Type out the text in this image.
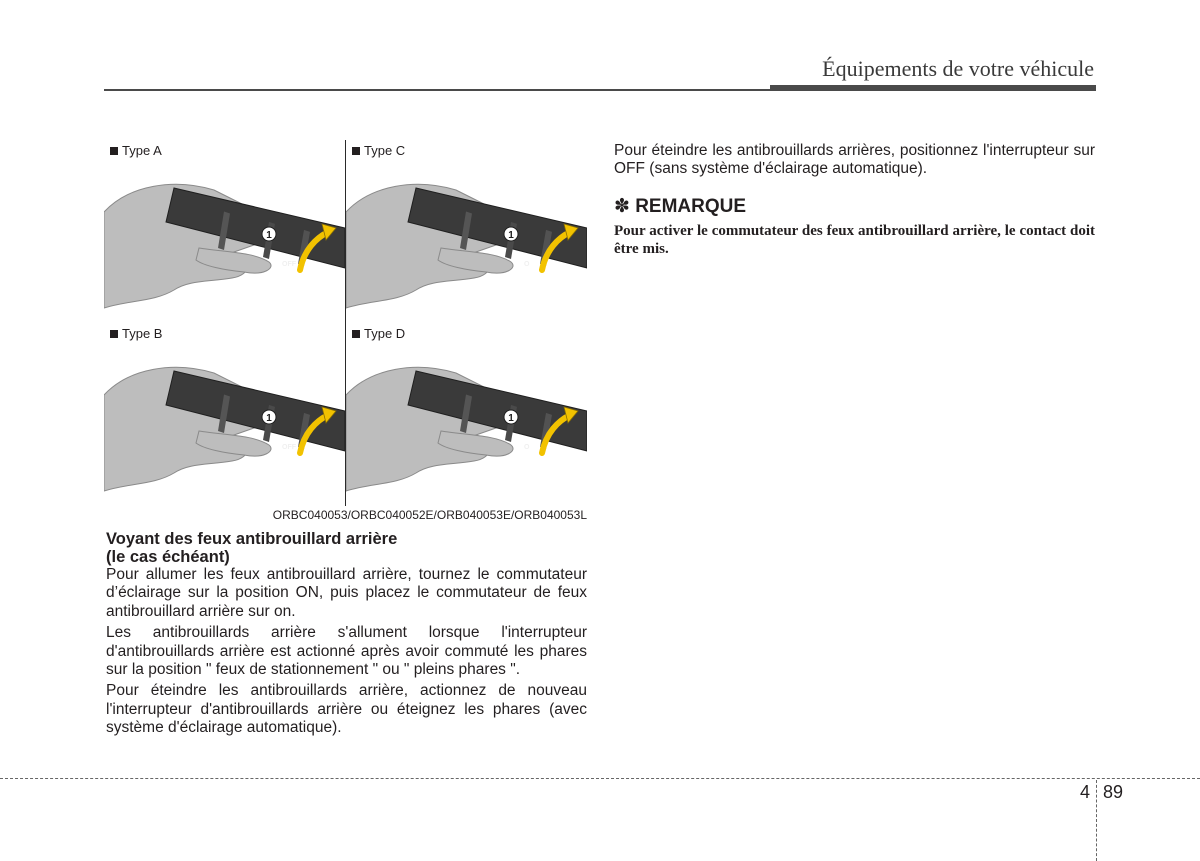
Équipements de votre véhicule
1
OFF
Type A
1
O
Type C
1
OFF
Type B
1
O
Type D
ORBC040053/ORBC040052E/ORB040053E/ORB040053L

Voyant des feux antibrouillard arrière
(le cas échéant)

Pour allumer les feux antibrouillard arrière, tournez le commutateur d’éclairage sur la position ON, puis placez le commutateur de feux antibrouillard arrière sur on.

Les antibrouillards arrière s'allument lorsque l'interrupteur d'antibrouillards arrière est actionné après avoir commuté les phares sur la position " feux de stationnement " ou " pleins phares ".

Pour éteindre les antibrouillards arrière, actionnez de nouveau l'interrupteur d'antibrouillards arrière ou éteignez les phares (avec système d'éclairage automatique).

Pour éteindre les antibrouillards arrières, positionnez l'interrupteur sur OFF (sans système d'éclairage automatique).

✽ REMARQUE

Pour activer le commutateur des feux antibrouillard arrière, le contact doit être mis.

4 89
